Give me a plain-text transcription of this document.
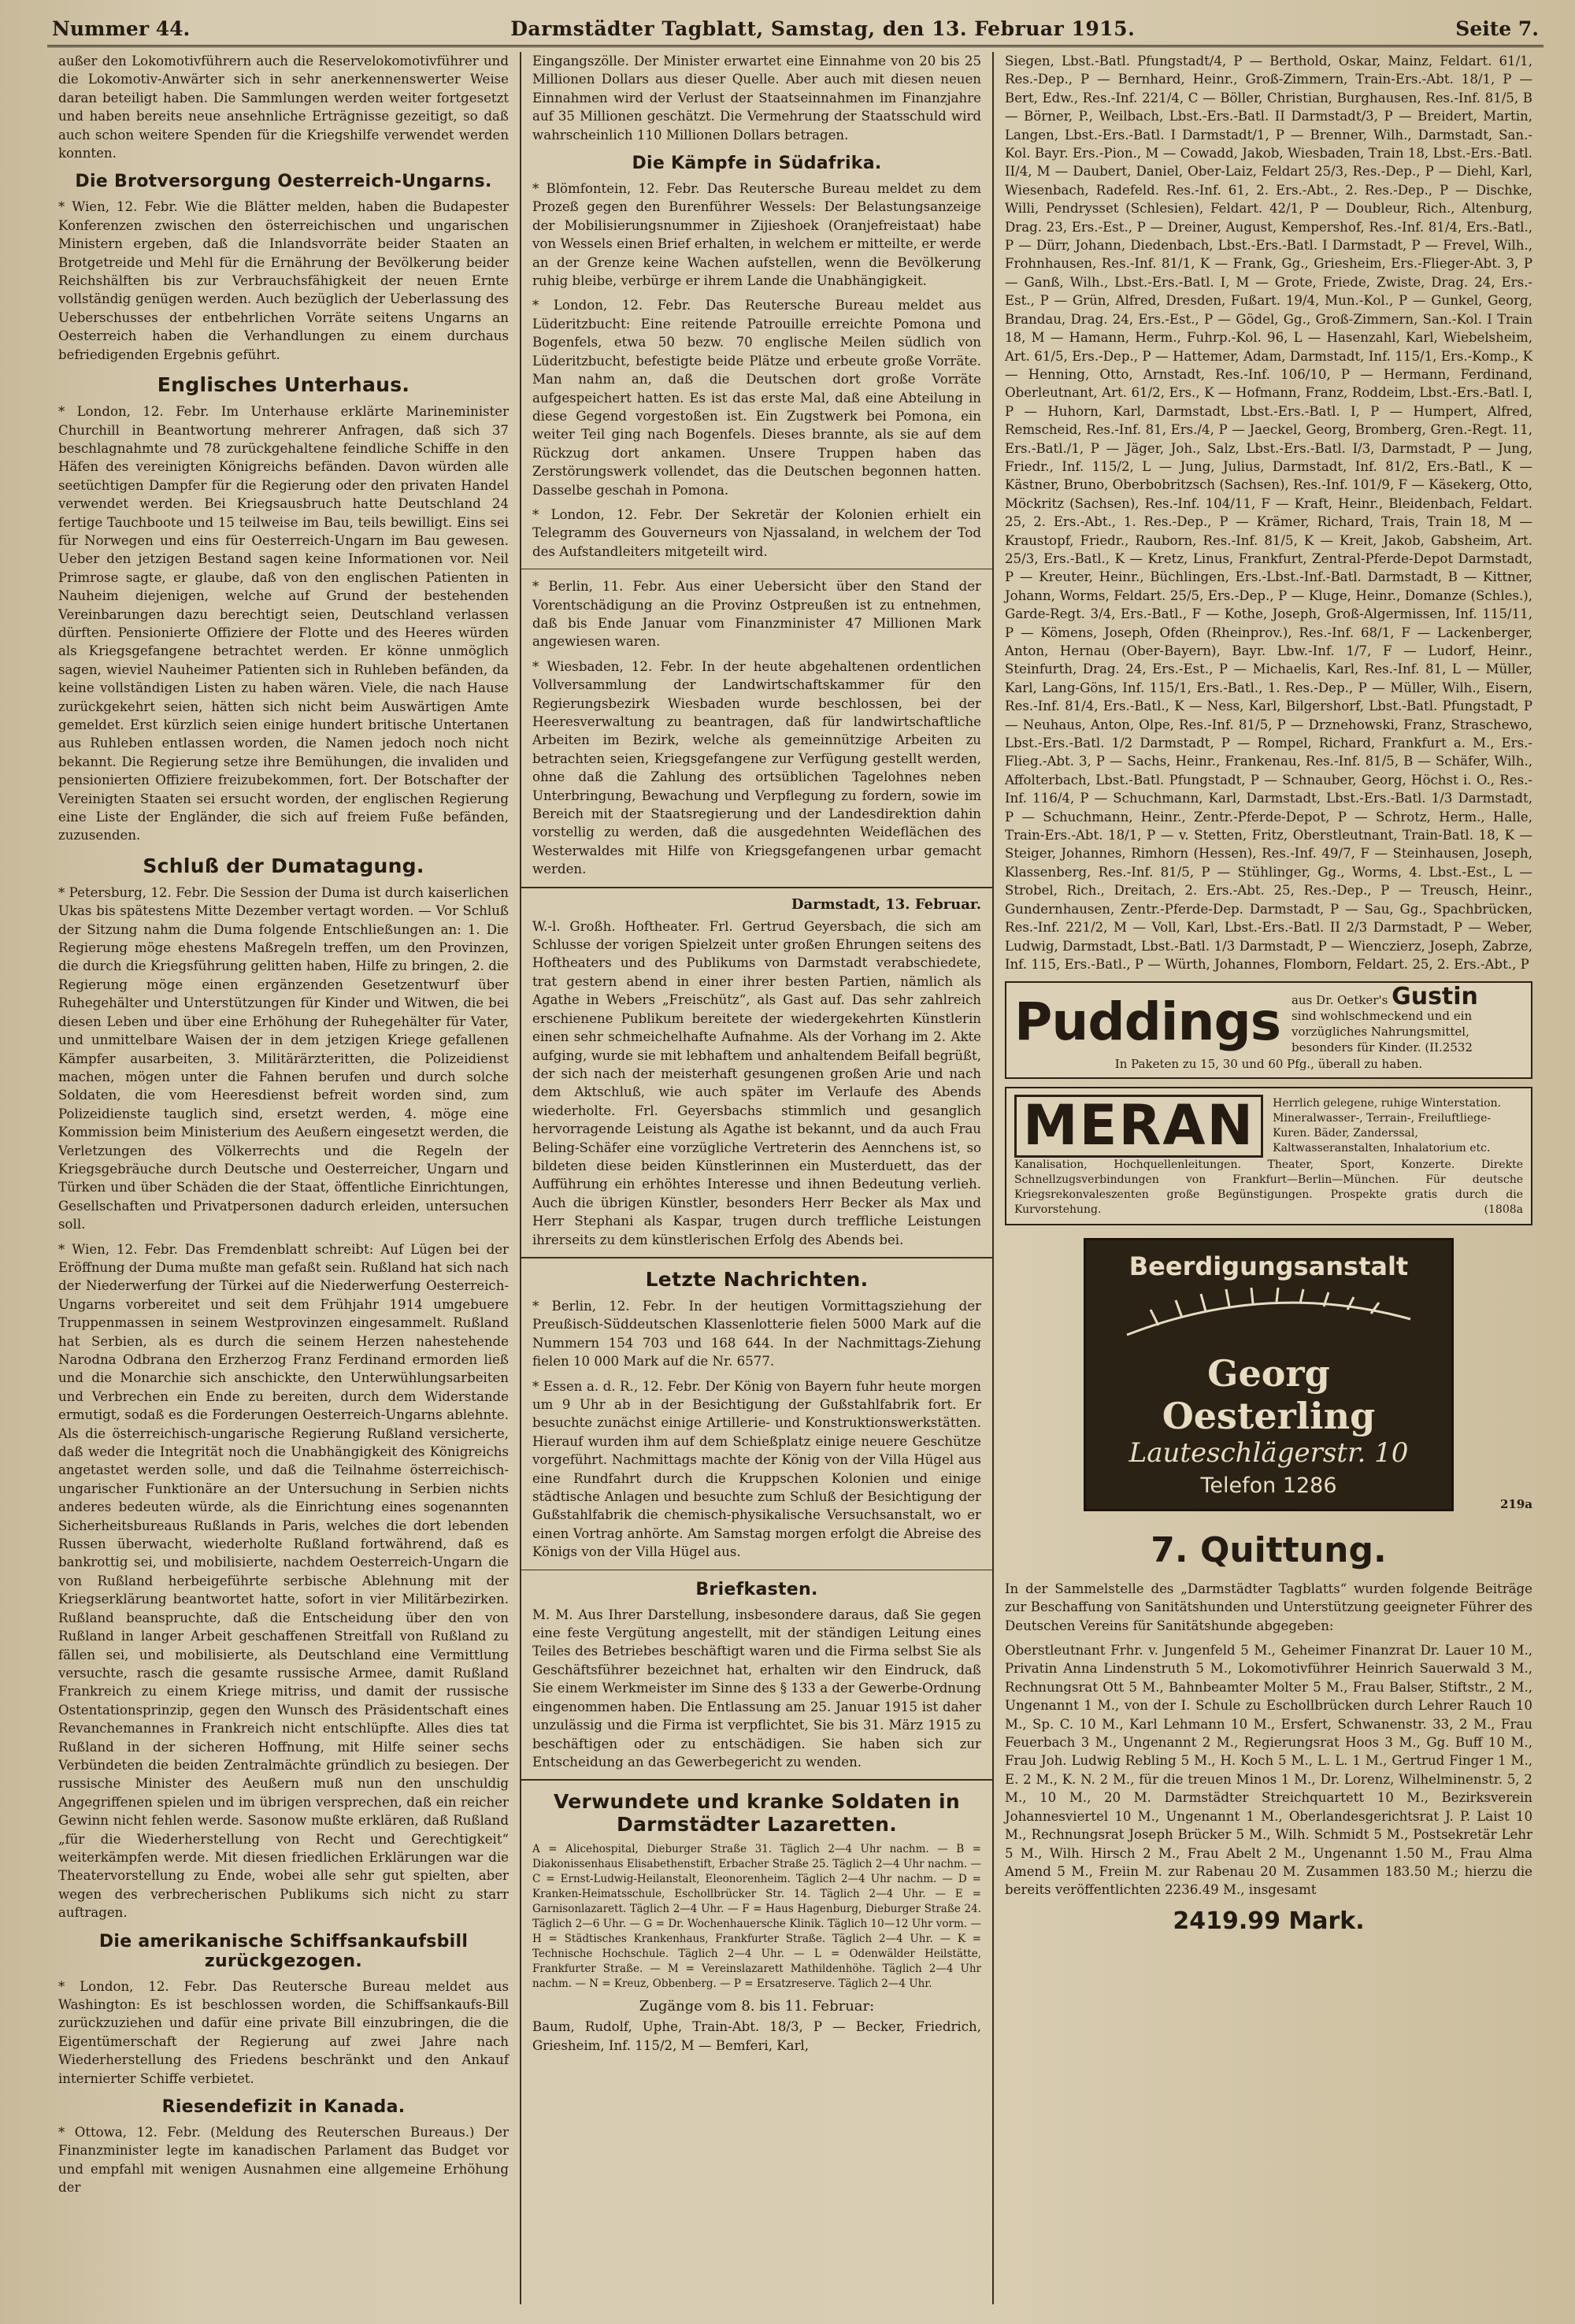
Nummer 44.	Darmstädter Tagblatt, Samstag, den 13. Februar 1915.	Seite 7.

außer den Lokomotivführern auch die Reservelokomotivführer und die Lokomotiv-Anwärter sich in sehr anerkennenswerter Weise daran beteiligt haben. Die Sammlungen werden weiter fortgesetzt und haben bereits neue ansehnliche Erträgnisse gezeitigt, so daß auch schon weitere Spenden für die Kriegshilfe verwendet werden konnten.

Die Brotversorgung Oesterreich-Ungarns.

* Wien, 12. Febr. Wie die Blätter melden, haben die Budapester Konferenzen zwischen den österreichischen und ungarischen Ministern ergeben, daß die Inlandsvorräte beider Staaten an Brotgetreide und Mehl für die Ernährung der Bevölkerung beider Reichshälften bis zur Verbrauchsfähigkeit der neuen Ernte vollständig genügen werden. Auch bezüglich der Ueberlassung des Ueberschusses der entbehrlichen Vorräte seitens Ungarns an Oesterreich haben die Verhandlungen zu einem durchaus befriedigenden Ergebnis geführt.

Englisches Unterhaus.

* London, 12. Febr. Im Unterhause erklärte Marineminister Churchill in Beantwortung mehrerer Anfragen, daß sich 37 beschlagnahmte und 78 zurückgehaltene feindliche Schiffe in den Häfen des vereinigten Königreichs befänden. Davon würden alle seetüchtigen Dampfer für die Regierung oder den privaten Handel verwendet werden. Bei Kriegsausbruch hatte Deutschland 24 fertige Tauchboote und 15 teilweise im Bau, teils bewilligt. Eins sei für Norwegen und eins für Oesterreich-Ungarn im Bau gewesen. Ueber den jetzigen Bestand sagen keine Informationen vor. Neil Primrose sagte, er glaube, daß von den englischen Patienten in Nauheim diejenigen, welche auf Grund der bestehenden Vereinbarungen dazu berechtigt seien, Deutschland verlassen dürften. Pensionierte Offiziere der Flotte und des Heeres würden als Kriegsgefangene betrachtet werden. Er könne unmöglich sagen, wieviel Nauheimer Patienten sich in Ruhleben befänden, da keine vollständigen Listen zu haben wären. Viele, die nach Hause zurückgekehrt seien, hätten sich nicht beim Auswärtigen Amte gemeldet. Erst kürzlich seien einige hundert britische Untertanen aus Ruhleben entlassen worden, die Namen jedoch noch nicht bekannt. Die Regierung setze ihre Bemühungen, die invaliden und pensionierten Offiziere freizubekommen, fort. Der Botschafter der Vereinigten Staaten sei ersucht worden, der englischen Regierung eine Liste der Engländer, die sich auf freiem Fuße befänden, zuzusenden.

Schluß der Dumatagung.

* Petersburg, 12. Febr. Die Session der Duma ist durch kaiserlichen Ukas bis spätestens Mitte Dezember vertagt worden. — Vor Schluß der Sitzung nahm die Duma folgende Entschließungen an: 1. Die Regierung möge ehestens Maßregeln treffen, um den Provinzen, die durch die Kriegsführung gelitten haben, Hilfe zu bringen, 2. die Regierung möge einen ergänzenden Gesetzentwurf über Ruhegehälter und Unterstützungen für Kinder und Witwen, die bei diesen Leben und über eine Erhöhung der Ruhegehälter für Vater, und unmittelbare Waisen der in dem jetzigen Kriege gefallenen Kämpfer ausarbeiten, 3. Militärärzteritten, die Polizeidienst machen, mögen unter die Fahnen berufen und durch solche Soldaten, die vom Heeresdienst befreit worden sind, zum Polizeidienste tauglich sind, ersetzt werden, 4. möge eine Kommission beim Ministerium des Aeußern eingesetzt werden, die Verletzungen des Völkerrechts und die Regeln der Kriegsgebräuche durch Deutsche und Oesterreicher, Ungarn und Türken und über Schäden die der Staat, öffentliche Einrichtungen, Gesellschaften und Privatpersonen dadurch erleiden, untersuchen soll.

* Wien, 12. Febr. Das Fremdenblatt schreibt: Auf Lügen bei der Eröffnung der Duma mußte man gefaßt sein. Rußland hat sich nach der Niederwerfung der Türkei auf die Niederwerfung Oesterreich-Ungarns vorbereitet und seit dem Frühjahr 1914 umgebuere Truppenmassen in seinem Westprovinzen eingesammelt. Rußland hat Serbien, als es durch die seinem Herzen nahestehende Narodna Odbrana den Erzherzog Franz Ferdinand ermorden ließ und die Monarchie sich anschickte, den Unterwühlungsarbeiten und Verbrechen ein Ende zu bereiten, durch dem Widerstande ermutigt, sodaß es die Forderungen Oesterreich-Ungarns ablehnte. Als die österreichisch-ungarische Regierung Rußland versicherte, daß weder die Integrität noch die Unabhängigkeit des Königreichs angetastet werden solle, und daß die Teilnahme österreichisch-ungarischer Funktionäre an der Untersuchung in Serbien nichts anderes bedeuten würde, als die Einrichtung eines sogenannten Sicherheitsbureaus Rußlands in Paris, welches die dort lebenden Russen überwacht, wiederholte Rußland fortwährend, daß es bankrottig sei, und mobilisierte, nachdem Oesterreich-Ungarn die von Rußland herbeigeführte serbische Ablehnung mit der Kriegserklärung beantwortet hatte, sofort in vier Militärbezirken. Rußland beanspruchte, daß die Entscheidung über den von Rußland in langer Arbeit geschaffenen Streitfall von Rußland zu fällen sei, und mobilisierte, als Deutschland eine Vermittlung versuchte, rasch die gesamte russische Armee, damit Rußland Frankreich zu einem Kriege mitriss, und damit der russische Ostentationsprinzip, gegen den Wunsch des Präsidentschaft eines Revanchemannes in Frankreich nicht entschlüpfte. Alles dies tat Rußland in der sicheren Hoffnung, mit Hilfe seiner sechs Verbündeten die beiden Zentralmächte gründlich zu besiegen. Der russische Minister des Aeußern muß nun den unschuldig Angegriffenen spielen und im übrigen versprechen, daß ein reicher Gewinn nicht fehlen werde. Sasonow mußte erklären, daß Rußland „für die Wiederherstellung von Recht und Gerechtigkeit“ weiterkämpfen werde. Mit diesen friedlichen Erklärungen war die Theatervorstellung zu Ende, wobei alle sehr gut spielten, aber wegen des verbrecherischen Publikums sich nicht zu starr auftragen.

Die amerikanische Schiffsankaufsbill zurückgezogen.

* London, 12. Febr. Das Reutersche Bureau meldet aus Washington: Es ist beschlossen worden, die Schiffsankaufs-Bill zurückzuziehen und dafür eine private Bill einzubringen, die die Eigentümerschaft der Regierung auf zwei Jahre nach Wiederherstellung des Friedens beschränkt und den Ankauf internierter Schiffe verbietet.

Riesendefizit in Kanada.

* Ottowa, 12. Febr. (Meldung des Reuterschen Bureaus.) Der Finanzminister legte im kanadischen Parlament das Budget vor und empfahl mit wenigen Ausnahmen eine allgemeine Erhöhung der

Eingangszölle. Der Minister erwartet eine Einnahme von 20 bis 25 Millionen Dollars aus dieser Quelle. Aber auch mit diesen neuen Einnahmen wird der Verlust der Staatseinnahmen im Finanzjahre auf 35 Millionen geschätzt. Die Vermehrung der Staatsschuld wird wahrscheinlich 110 Millionen Dollars betragen.

Die Kämpfe in Südafrika.

* Blömfontein, 12. Febr. Das Reutersche Bureau meldet zu dem Prozeß gegen den Burenführer Wessels: Der Belastungsanzeige der Mobilisierungsnummer in Zijieshoek (Oranjefreistaat) habe von Wessels einen Brief erhalten, in welchem er mitteilte, er werde an der Grenze keine Wachen aufstellen, wenn die Bevölkerung ruhig bleibe, verbürge er ihrem Lande die Unabhängigkeit.

* London, 12. Febr. Das Reutersche Bureau meldet aus Lüderitzbucht: Eine reitende Patrouille erreichte Pomona und Bogenfels, etwa 50 bezw. 70 englische Meilen südlich von Lüderitzbucht, befestigte beide Plätze und erbeute große Vorräte. Man nahm an, daß die Deutschen dort große Vorräte aufgespeichert hatten. Es ist das erste Mal, daß eine Abteilung in diese Gegend vorgestoßen ist. Ein Zugstwerk bei Pomona, ein weiter Teil ging nach Bogenfels. Dieses brannte, als sie auf dem Rückzug dort ankamen. Unsere Truppen haben das Zerstörungswerk vollendet, das die Deutschen begonnen hatten. Dasselbe geschah in Pomona.

* London, 12. Febr. Der Sekretär der Kolonien erhielt ein Telegramm des Gouverneurs von Njassaland, in welchem der Tod des Aufstandleiters mitgeteilt wird.

* Berlin, 11. Febr. Aus einer Uebersicht über den Stand der Vorentschädigung an die Provinz Ostpreußen ist zu entnehmen, daß bis Ende Januar vom Finanzminister 47 Millionen Mark angewiesen waren.

* Wiesbaden, 12. Febr. In der heute abgehaltenen ordentlichen Vollversammlung der Landwirtschaftskammer für den Regierungsbezirk Wiesbaden wurde beschlossen, bei der Heeresverwaltung zu beantragen, daß für landwirtschaftliche Arbeiten im Bezirk, welche als gemeinnützige Arbeiten zu betrachten seien, Kriegsgefangene zur Verfügung gestellt werden, ohne daß die Zahlung des ortsüblichen Tagelohnes neben Unterbringung, Bewachung und Verpflegung zu fordern, sowie im Bereich mit der Staatsregierung und der Landesdirektion dahin vorstellig zu werden, daß die ausgedehnten Weideflächen des Westerwaldes mit Hilfe von Kriegsgefangenen urbar gemacht werden.

Darmstadt, 13. Februar.

W.-l. Großh. Hoftheater. Frl. Gertrud Geyersbach, die sich am Schlusse der vorigen Spielzeit unter großen Ehrungen seitens des Hoftheaters und des Publikums von Darmstadt verabschiedete, trat gestern abend in einer ihrer besten Partien, nämlich als Agathe in Webers „Freischütz“, als Gast auf. Das sehr zahlreich erschienene Publikum bereitete der wiedergekehrten Künstlerin einen sehr schmeichelhafte Aufnahme. Als der Vorhang im 2. Akte aufging, wurde sie mit lebhaftem und anhaltendem Beifall begrüßt, der sich nach der meisterhaft gesungenen großen Arie und nach dem Aktschluß, wie auch später im Verlaufe des Abends wiederholte. Frl. Geyersbachs stimmlich und gesanglich hervorragende Leistung als Agathe ist bekannt, und da auch Frau Beling-Schäfer eine vorzügliche Vertreterin des Aennchens ist, so bildeten diese beiden Künstlerinnen ein Musterduett, das der Aufführung ein erhöhtes Interesse und ihnen Bedeutung verlieh. Auch die übrigen Künstler, besonders Herr Becker als Max und Herr Stephani als Kaspar, trugen durch treffliche Leistungen ihrerseits zu dem künstlerischen Erfolg des Abends bei.

Letzte Nachrichten.

* Berlin, 12. Febr. In der heutigen Vormittagsziehung der Preußisch-Süddeutschen Klassenlotterie fielen 5000 Mark auf die Nummern 154 703 und 168 644. In der Nachmittags-Ziehung fielen 10 000 Mark auf die Nr. 6577.

* Essen a. d. R., 12. Febr. Der König von Bayern fuhr heute morgen um 9 Uhr ab in der Besichtigung der Gußstahlfabrik fort. Er besuchte zunächst einige Artillerie- und Konstruktionswerkstätten. Hierauf wurden ihm auf dem Schießplatz einige neuere Geschütze vorgeführt. Nachmittags machte der König von der Villa Hügel aus eine Rundfahrt durch die Kruppschen Kolonien und einige städtische Anlagen und besuchte zum Schluß der Besichtigung der Gußstahlfabrik die chemisch-physikalische Versuchsanstalt, wo er einen Vortrag anhörte. Am Samstag morgen erfolgt die Abreise des Königs von der Villa Hügel aus.

Briefkasten.

M. M. Aus Ihrer Darstellung, insbesondere daraus, daß Sie gegen eine feste Vergütung angestellt, mit der ständigen Leitung eines Teiles des Betriebes beschäftigt waren und die Firma selbst Sie als Geschäftsführer bezeichnet hat, erhalten wir den Eindruck, daß Sie einem Werkmeister im Sinne des § 133 a der Gewerbe-Ordnung eingenommen haben. Die Entlassung am 25. Januar 1915 ist daher unzulässig und die Firma ist verpflichtet, Sie bis 31. März 1915 zu beschäftigen oder zu entschädigen. Sie haben sich zur Entscheidung an das Gewerbegericht zu wenden.

Verwundete und kranke Soldaten in Darmstädter Lazaretten.

A = Alicehospital, Dieburger Straße 31. Täglich 2—4 Uhr nachm. — B = Diakonissenhaus Elisabethenstift, Erbacher Straße 25. Täglich 2—4 Uhr nachm. — C = Ernst-Ludwig-Heilanstalt, Eleonorenheim. Täglich 2—4 Uhr nachm. — D = Kranken-Heimatsschule, Eschollbrücker Str. 14. Täglich 2—4 Uhr. — E = Garnisonlazarett. Täglich 2—4 Uhr. — F = Haus Hagenburg, Dieburger Straße 24. Täglich 2—6 Uhr. — G = Dr. Wochenhauersche Klinik. Täglich 10—12 Uhr vorm. — H = Städtisches Krankenhaus, Frankfurter Straße. Täglich 2—4 Uhr. — K = Technische Hochschule. Täglich 2—4 Uhr. — L = Odenwälder Heilstätte, Frankfurter Straße. — M = Vereinslazarett Mathildenhöhe. Täglich 2—4 Uhr nachm. — N = Kreuz, Obbenberg. — P = Ersatzreserve. Täglich 2—4 Uhr.

Zugänge vom 8. bis 11. Februar:

Baum, Rudolf, Uphe, Train-Abt. 18/3, P — Becker, Friedrich, Griesheim, Inf. 115/2, M — Bemferi, Karl,

Siegen, Lbst.-Batl. Pfungstadt/4, P — Berthold, Oskar, Mainz, Feldart. 61/1, Res.-Dep., P — Bernhard, Heinr., Groß-Zimmern, Train-Ers.-Abt. 18/1, P — Bert, Edw., Res.-Inf. 221/4, C — Böller, Christian, Burghausen, Res.-Inf. 81/5, B — Börner, P., Weilbach, Lbst.-Ers.-Batl. II Darmstadt/3, P — Breidert, Martin, Langen, Lbst.-Ers.-Batl. I Darmstadt/1, P — Brenner, Wilh., Darmstadt, San.-Kol. Bayr. Ers.-Pion., M — Cowadd, Jakob, Wiesbaden, Train 18, Lbst.-Ers.-Batl. II/4, M — Daubert, Daniel, Ober-Laiz, Feldart 25/3, Res.-Dep., P — Diehl, Karl, Wiesenbach, Radefeld. Res.-Inf. 61, 2. Ers.-Abt., 2. Res.-Dep., P — Dischke, Willi, Pendrysset (Schlesien), Feldart. 42/1, P — Doubleur, Rich., Altenburg, Drag. 23, Ers.-Est., P — Dreiner, August, Kempershof, Res.-Inf. 81/4, Ers.-Batl., P — Dürr, Johann, Diedenbach, Lbst.-Ers.-Batl. I Darmstadt, P — Frevel, Wilh., Frohnhausen, Res.-Inf. 81/1, K — Frank, Gg., Griesheim, Ers.-Flieger-Abt. 3, P — Ganß, Wilh., Lbst.-Ers.-Batl. I, M — Grote, Friede, Zwiste, Drag. 24, Ers.-Est., P — Grün, Alfred, Dresden, Fußart. 19/4, Mun.-Kol., P — Gunkel, Georg, Brandau, Drag. 24, Ers.-Est., P — Gödel, Gg., Groß-Zimmern, San.-Kol. I Train 18, M — Hamann, Herm., Fuhrp.-Kol. 96, L — Hasenzahl, Karl, Wiebelsheim, Art. 61/5, Ers.-Dep., P — Hattemer, Adam, Darmstadt, Inf. 115/1, Ers.-Komp., K — Henning, Otto, Arnstadt, Res.-Inf. 106/10, P — Hermann, Ferdinand, Oberleutnant, Art. 61/2, Ers., K — Hofmann, Franz, Roddeim, Lbst.-Ers.-Batl. I, P — Huhorn, Karl, Darmstadt, Lbst.-Ers.-Batl. I, P — Humpert, Alfred, Remscheid, Res.-Inf. 81, Ers./4, P — Jaeckel, Georg, Bromberg, Gren.-Regt. 11, Ers.-Batl./1, P — Jäger, Joh., Salz, Lbst.-Ers.-Batl. I/3, Darmstadt, P — Jung, Friedr., Inf. 115/2, L — Jung, Julius, Darmstadt, Inf. 81/2, Ers.-Batl., K — Kästner, Bruno, Oberbobritzsch (Sachsen), Res.-Inf. 101/9, F — Käsekerg, Otto, Möckritz (Sachsen), Res.-Inf. 104/11, F — Kraft, Heinr., Bleidenbach, Feldart. 25, 2. Ers.-Abt., 1. Res.-Dep., P — Krämer, Richard, Trais, Train 18, M — Kraustopf, Friedr., Rauborn, Res.-Inf. 81/5, K — Kreit, Jakob, Gabsheim, Art. 25/3, Ers.-Batl., K — Kretz, Linus, Frankfurt, Zentral-Pferde-Depot Darmstadt, P — Kreuter, Heinr., Büchlingen, Ers.-Lbst.-Inf.-Batl. Darmstadt, B — Kittner, Johann, Worms, Feldart. 25/5, Ers.-Dep., P — Kluge, Heinr., Domanze (Schles.), Garde-Regt. 3/4, Ers.-Batl., F — Kothe, Joseph, Groß-Algermissen, Inf. 115/11, P — Kömens, Joseph, Ofden (Rheinprov.), Res.-Inf. 68/1, F — Lackenberger, Anton, Hernau (Ober-Bayern), Bayr. Lbw.-Inf. 1/7, F — Ludorf, Heinr., Steinfurth, Drag. 24, Ers.-Est., P — Michaelis, Karl, Res.-Inf. 81, L — Müller, Karl, Lang-Göns, Inf. 115/1, Ers.-Batl., 1. Res.-Dep., P — Müller, Wilh., Eisern, Res.-Inf. 81/4, Ers.-Batl., K — Ness, Karl, Bilgershorf, Lbst.-Batl. Pfungstadt, P — Neuhaus, Anton, Olpe, Res.-Inf. 81/5, P — Drznehowski, Franz, Straschewo, Lbst.-Ers.-Batl. 1/2 Darmstadt, P — Rompel, Richard, Frankfurt a. M., Ers.-Flieg.-Abt. 3, P — Sachs, Heinr., Frankenau, Res.-Inf. 81/5, B — Schäfer, Wilh., Affolterbach, Lbst.-Batl. Pfungstadt, P — Schnauber, Georg, Höchst i. O., Res.-Inf. 116/4, P — Schuchmann, Karl, Darmstadt, Lbst.-Ers.-Batl. 1/3 Darmstadt, P — Schuchmann, Heinr., Zentr.-Pferde-Depot, P — Schrotz, Herm., Halle, Train-Ers.-Abt. 18/1, P — v. Stetten, Fritz, Oberstleutnant, Train-Batl. 18, K — Steiger, Johannes, Rimhorn (Hessen), Res.-Inf. 49/7, F — Steinhausen, Joseph, Klassenberg, Res.-Inf. 81/5, P — Stühlinger, Gg., Worms, 4. Lbst.-Est., L — Strobel, Rich., Dreitach, 2. Ers.-Abt. 25, Res.-Dep., P — Treusch, Heinr., Gundernhausen, Zentr.-Pferde-Dep. Darmstadt, P — Sau, Gg., Spachbrücken, Res.-Inf. 221/2, M — Voll, Karl, Lbst.-Ers.-Batl. II 2/3 Darmstadt, P — Weber, Ludwig, Darmstadt, Lbst.-Batl. 1/3 Darmstadt, P — Wienczierz, Joseph, Zabrze, Inf. 115, Ers.-Batl., P — Würth, Johannes, Flomborn, Feldart. 25, 2. Ers.-Abt., P

Puddings aus Dr. Oetker's Gustin
sind wohlschmeckend und ein vorzügliches Nahrungsmittel, besonders für Kinder. (II.2532
In Paketen zu 15, 30 und 60 Pfg., überall zu haben.
MERAN	Herrlich gelegene, ruhige Winterstation. Mineralwasser-, Terrain-, Freiluftliege-Kuren. Bäder, Zanderssal, Kaltwasseranstalten, Inhalatorium etc.
Kanalisation, Hochquellenleitungen. Theater, Sport, Konzerte. Direkte Schnellzugsverbindungen von Frankfurt—Berlin—München. Für deutsche Kriegsrekonvaleszenten große Begünstigungen. Prospekte gratis durch die Kurvorstehung.	(1808a
Beerdigungsanstalt
Georg Oesterling
Lauteschlägerstr. 10
Telefon 1286
219a
7. Quittung.

In der Sammelstelle des „Darmstädter Tagblatts“ wurden folgende Beiträge zur Beschaffung von Sanitätshunden und Unterstützung geeigneter Führer des Deutschen Vereins für Sanitätshunde abgegeben:

Oberstleutnant Frhr. v. Jungenfeld 5 M., Geheimer Finanzrat Dr. Lauer 10 M., Privatin Anna Lindenstruth 5 M., Lokomotivführer Heinrich Sauerwald 3 M., Rechnungsrat Ott 5 M., Bahnbeamter Molter 5 M., Frau Balser, Stiftstr., 2 M., Ungenannt 1 M., von der I. Schule zu Eschollbrücken durch Lehrer Rauch 10 M., Sp. C. 10 M., Karl Lehmann 10 M., Ersfert, Schwanenstr. 33, 2 M., Frau Feuerbach 3 M., Ungenannt 2 M., Regierungsrat Hoos 3 M., Gg. Buff 10 M., Frau Joh. Ludwig Rebling 5 M., H. Koch 5 M., L. L. 1 M., Gertrud Finger 1 M., E. 2 M., K. N. 2 M., für die treuen Minos 1 M., Dr. Lorenz, Wilhelminenstr. 5, 2 M., 10 M., 20 M. Darmstädter Streichquartett 10 M., Bezirksverein Johannesviertel 10 M., Ungenannt 1 M., Oberlandesgerichtsrat J. P. Laist 10 M., Rechnungsrat Joseph Brücker 5 M., Wilh. Schmidt 5 M., Postsekretär Lehr 5 M., Wilh. Hirsch 2 M., Frau Abelt 2 M., Ungenannt 1.50 M., Frau Alma Amend 5 M., Freiin M. zur Rabenau 20 M. Zusammen 183.50 M.; hierzu die bereits veröffentlichten 2236.49 M., insgesamt

2419.99 Mark.
